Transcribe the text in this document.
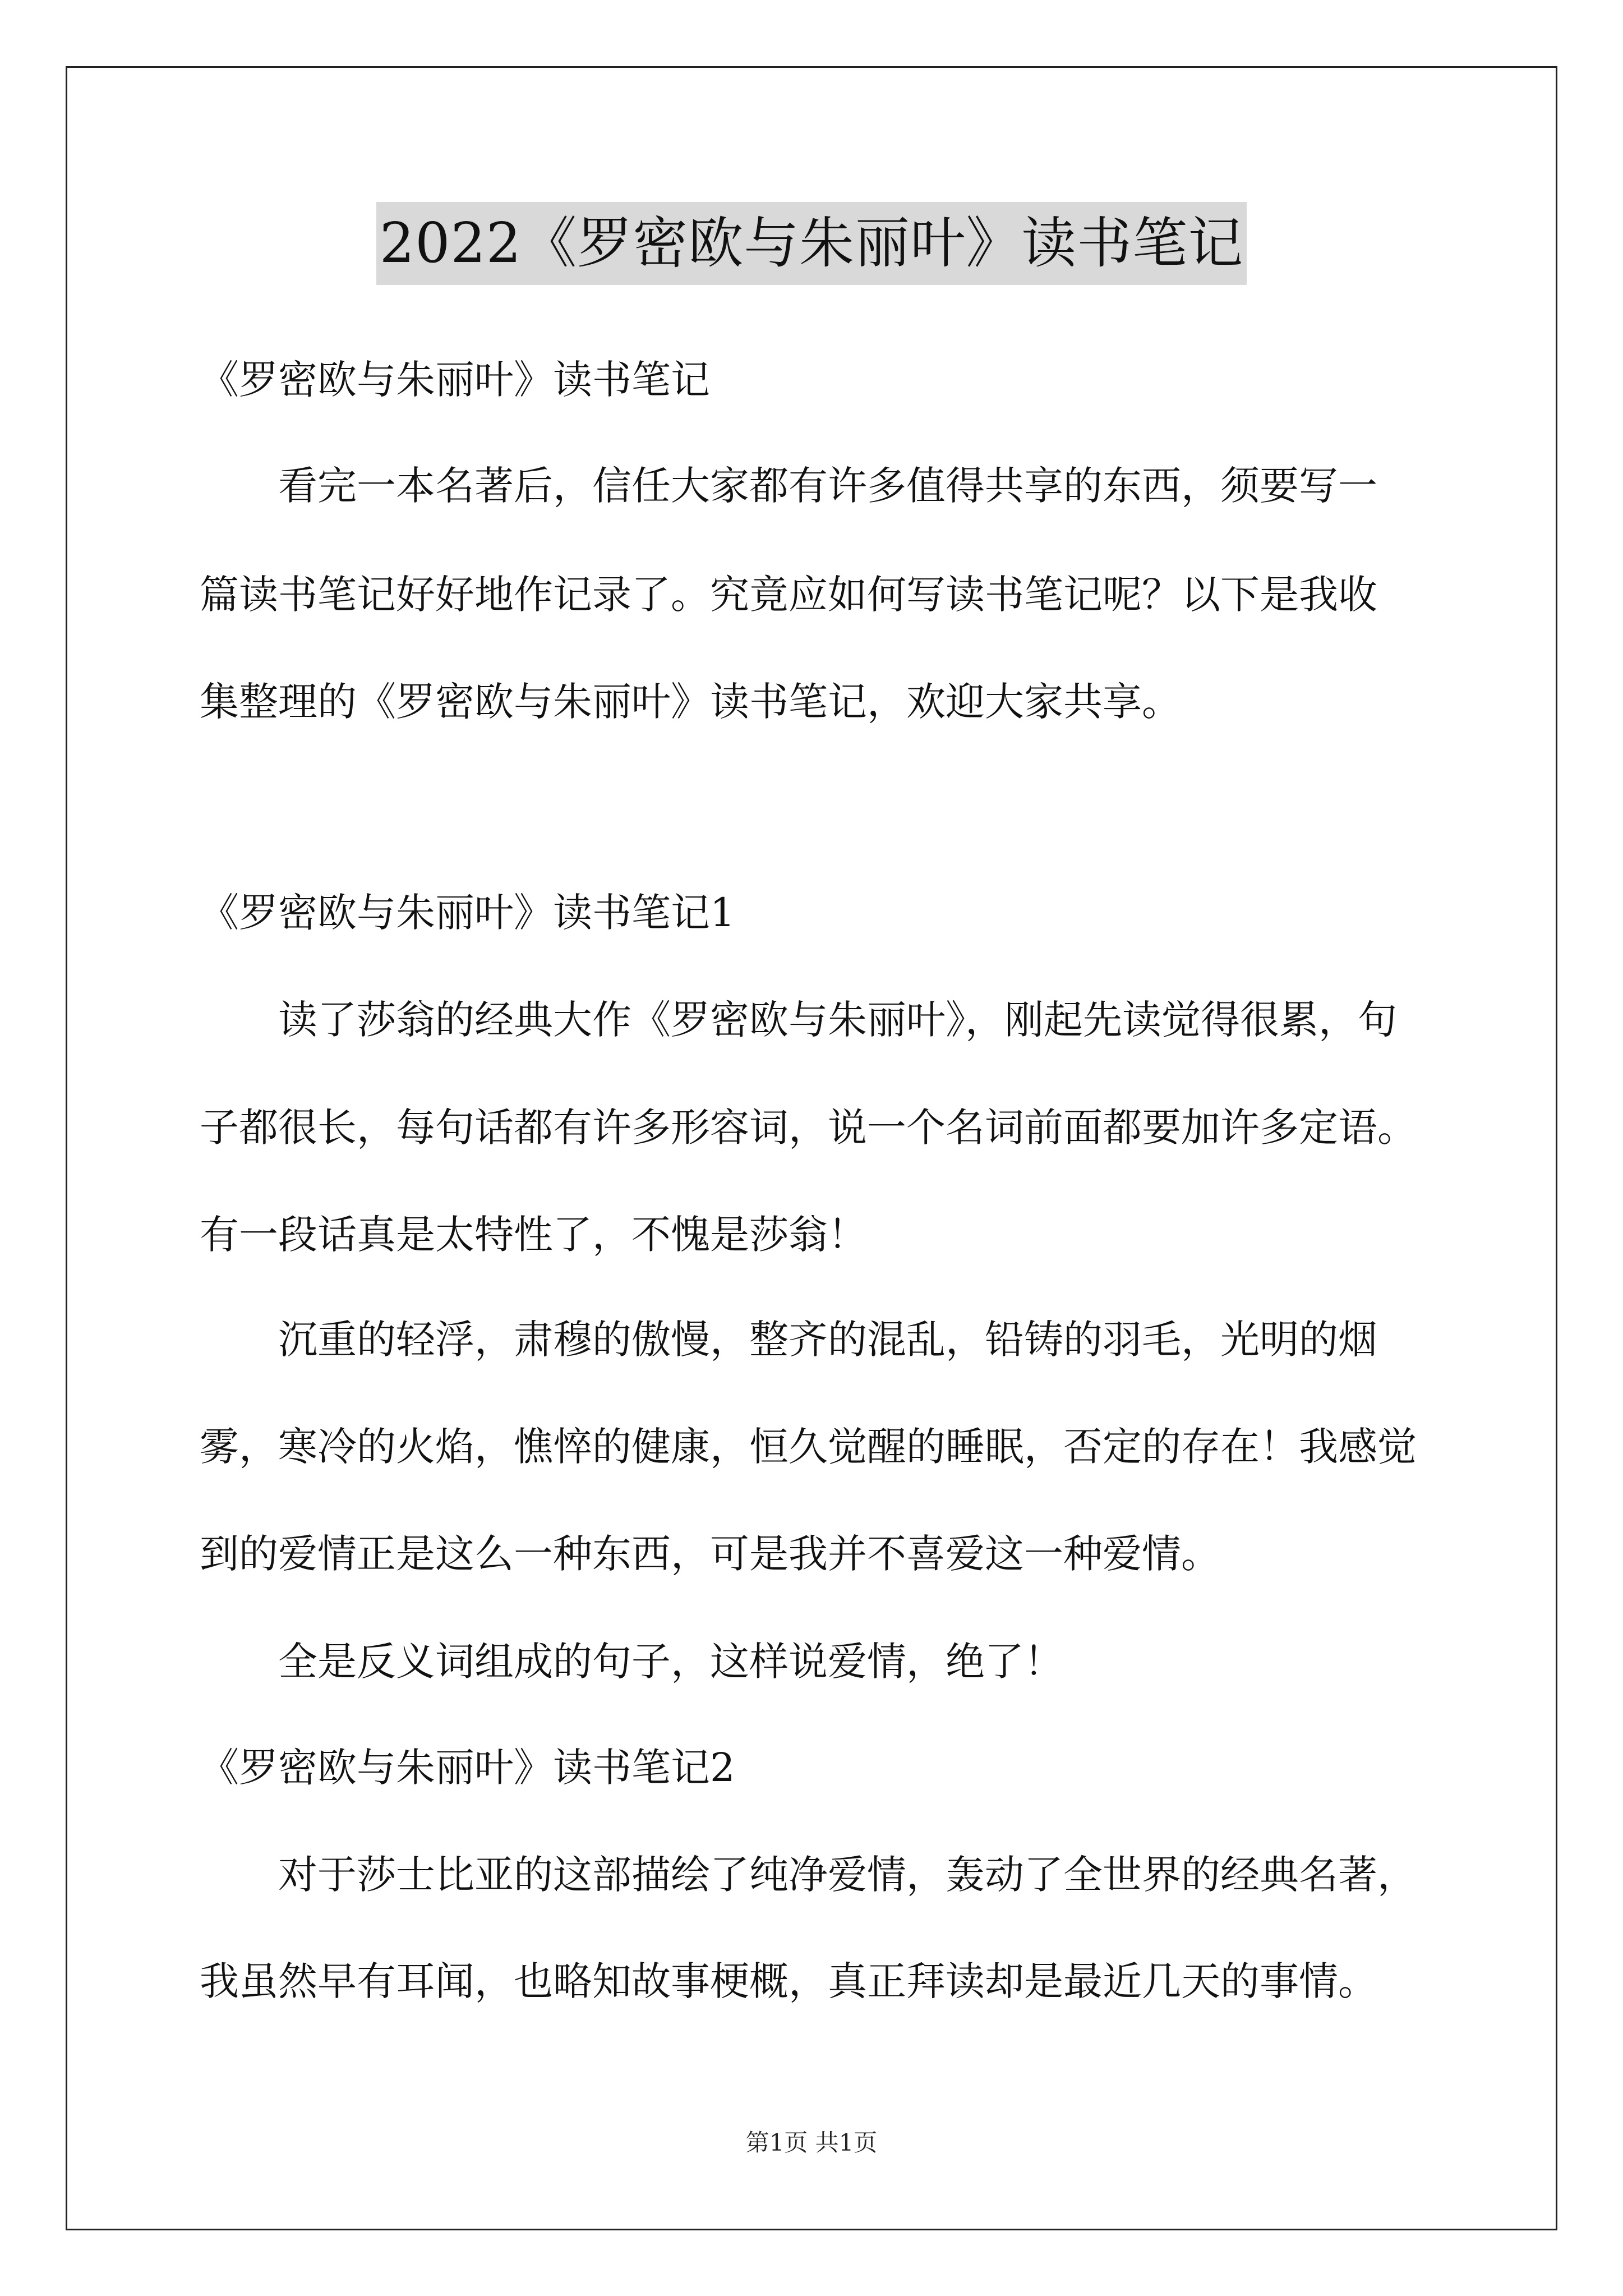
2022《罗密欧与朱丽叶》读书笔记
《罗密欧与朱丽叶》读书笔记
看完一本名著后，信任大家都有许多值得共享的东西，须要写一
篇读书笔记好好地作记录了。究竟应如何写读书笔记呢？以下是我收
集整理的《罗密欧与朱丽叶》读书笔记，欢迎大家共享。
《罗密欧与朱丽叶》读书笔记1
读了莎翁的经典大作《罗密欧与朱丽叶》，刚起先读觉得很累，句
子都很长，每句话都有许多形容词，说一个名词前面都要加许多定语。
有一段话真是太特性了，不愧是莎翁！
沉重的轻浮，肃穆的傲慢，整齐的混乱，铅铸的羽毛，光明的烟
雾，寒冷的火焰，憔悴的健康，恒久觉醒的睡眠，否定的存在！我感觉
到的爱情正是这么一种东西，可是我并不喜爱这一种爱情。
全是反义词组成的句子，这样说爱情，绝了！
《罗密欧与朱丽叶》读书笔记2
对于莎士比亚的这部描绘了纯净爱情，轰动了全世界的经典名著，
我虽然早有耳闻，也略知故事梗概，真正拜读却是最近几天的事情。
第1页 共1页
